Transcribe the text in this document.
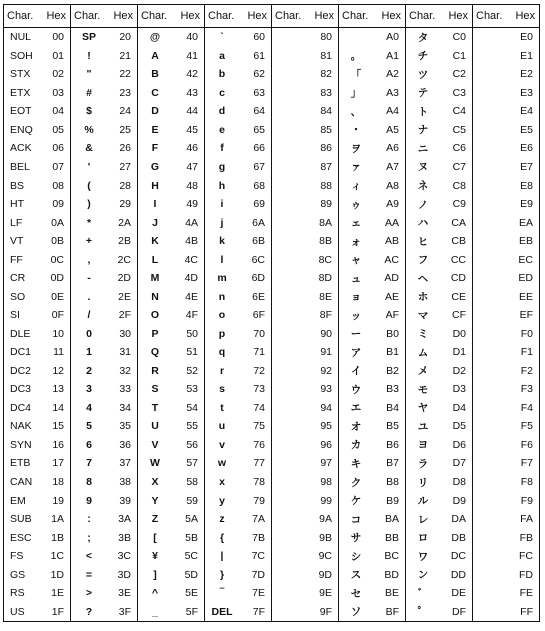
Char. Hex
NUL 00
SOH 01
STX	02
ETX	03
EOT 04
ENQ 05
ACK 06
BEL	07
BS	08
HT	09
LF	0A
VT	0B
FF	0C
CR	0D
SO	0E
SI	0F
DLE	10
DC1 11
DC2 12
DC3 13
DC4 14
NAK 15
SYN 16
ETB	17
CAN 18
EM	19
SUB 1A
ESC 1B
FS	1C
GS	1D
RS	1E
US	1F
Char. Hex
SP	20
!	21
"	22
#	23
$	24
%	25
&	26
'	27
(	28
)	29
*	2A
+	2B
,	2C
-	2D
.	2E
/	2F
0	30
1	31
2	32
3	33
4	34
5	35
6	36
7	37
8	38
9	39
:	3A
;	3B
<	3C
=	3D
>	3E
?	3F
Char. Hex
@	40
A	41
B	42
C	43
D	44
E	45
F	46
G	47
H	48
I	49
J	4A
K	4B
L	4C
M	4D
N	4E
O	4F
P	50
Q	51
R	52
S	53
T	54
U	55
V	56
W	57
X	58
Y	59
Z	5A
[	5B
¥	5C
]	5D
^	5E
_	5F
Char. Hex
`	60
a	61
b	62
c	63
d	64
e	65
f	66
g	67
h	68
i	69
j	6A
k	6B
l	6C
m	6D
n	6E
o	6F
p	70
q	71
r	72
s	73
t	74
u	75
v	76
w	77
x	78
y	79
z	7A
{	7B
|	7C
}	7D
‾	7E
DEL 7F
Char. Hex
80
81
82
83
84
85
86
87
88
89
8A
8B
8C
8D
8E
8F
90
91
92
93
94
95
96
97
98
99
9A
9B
9C
9D
9E
9F
Char. Hex
A0
。	A1
「	A2
」	A3
、	A4
・	A5
ヲ	A6
ァ	A7
ィ	A8
ゥ	A9
ェ	AA
ォ	AB
ャ	AC
ュ	AD
ョ	AE
ッ	AF
ー	B0
ア	B1
イ	B2
ウ	B3
エ	B4
オ	B5
カ	B6
キ	B7
ク	B8
ケ	B9
コ	BA
サ	BB
シ	BC
ス	BD
セ	BE
ソ	BF
Char. Hex
タ	C0
チ	C1
ツ	C2
テ	C3
ト	C4
ナ	C5
ニ	C6
ヌ	C7
ネ	C8
ノ	C9
ハ	CA
ヒ	CB
フ	CC
ヘ	CD
ホ	CE
マ	CF
ミ	D0
ム	D1
メ	D2
モ	D3
ヤ	D4
ユ	D5
ヨ	D6
ラ	D7
リ	D8
ル	D9
レ	DA
ロ	DB
ワ	DC
ン	DD
゛	DE
゜	DF
Char. Hex
E0
E1
E2
E3
E4
E5
E6
E7
E8
E9
EA
EB
EC
ED
EE
EF
F0
F1
F2
F3
F4
F5
F6
F7
F8
F9
FA
FB
FC
FD
FE
FF
